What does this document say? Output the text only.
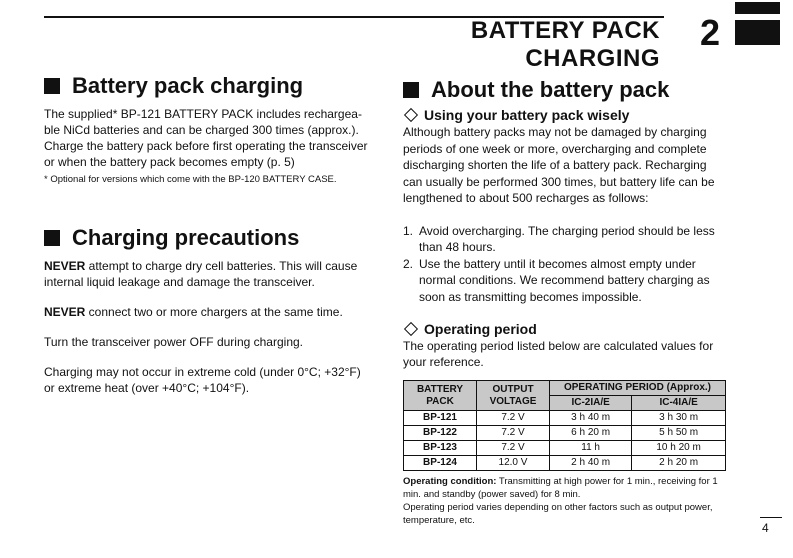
BATTERY PACK CHARGING
2
Battery pack charging

The supplied* BP-121 BATTERY PACK includes rechargea-

ble NiCd batteries and can be charged 300 times (approx.).

Charge the battery pack before first operating the transceiver

or when the battery pack becomes empty (p. 5)

* Optional for versions which come with the BP-120 BATTERY CASE.

Charging precautions

NEVER attempt to charge dry cell batteries. This will cause internal liquid leakage and damage the transceiver.

NEVER connect two or more chargers at the same time.

Turn the transceiver power OFF during charging.

Charging may not occur in extreme cold (under 0°C; +32°F) or extreme heat (over +40°C; +104°F).

About the battery pack
Using your battery pack wisely

Although battery packs may not be damaged by charging periods of one week or more, overcharging and complete discharging shorten the life of a battery pack. Recharging can usually be performed 300 times, but battery life can be lengthened to about 500 recharges as follows:

1. Avoid overcharging. The charging period should be less than 48 hours.
2. Use the battery until it becomes almost empty under normal conditions. We recommend battery charging as soon as transmitting becomes impossible.
Operating period

The operating period listed below are calculated values for your reference.

BATTERY PACK	OUTPUT VOLTAGE	OPERATING PERIOD (Approx.)	
		IC-2IA/E	IC-4IA/E
BP-121	7.2 V	3 h 40 m	3 h 30 m
BP-122	7.2 V	6 h 20 m	5 h 50 m
BP-123	7.2 V	11 h	10 h 20 m
BP-124	12.0 V	2 h 40 m	2 h 20 m

Operating condition: Transmitting at high power for 1 min., receiving for 1 min. and standby (power saved) for 8 min.

Operating period varies depending on other factors such as output power, temperature, etc.

4
